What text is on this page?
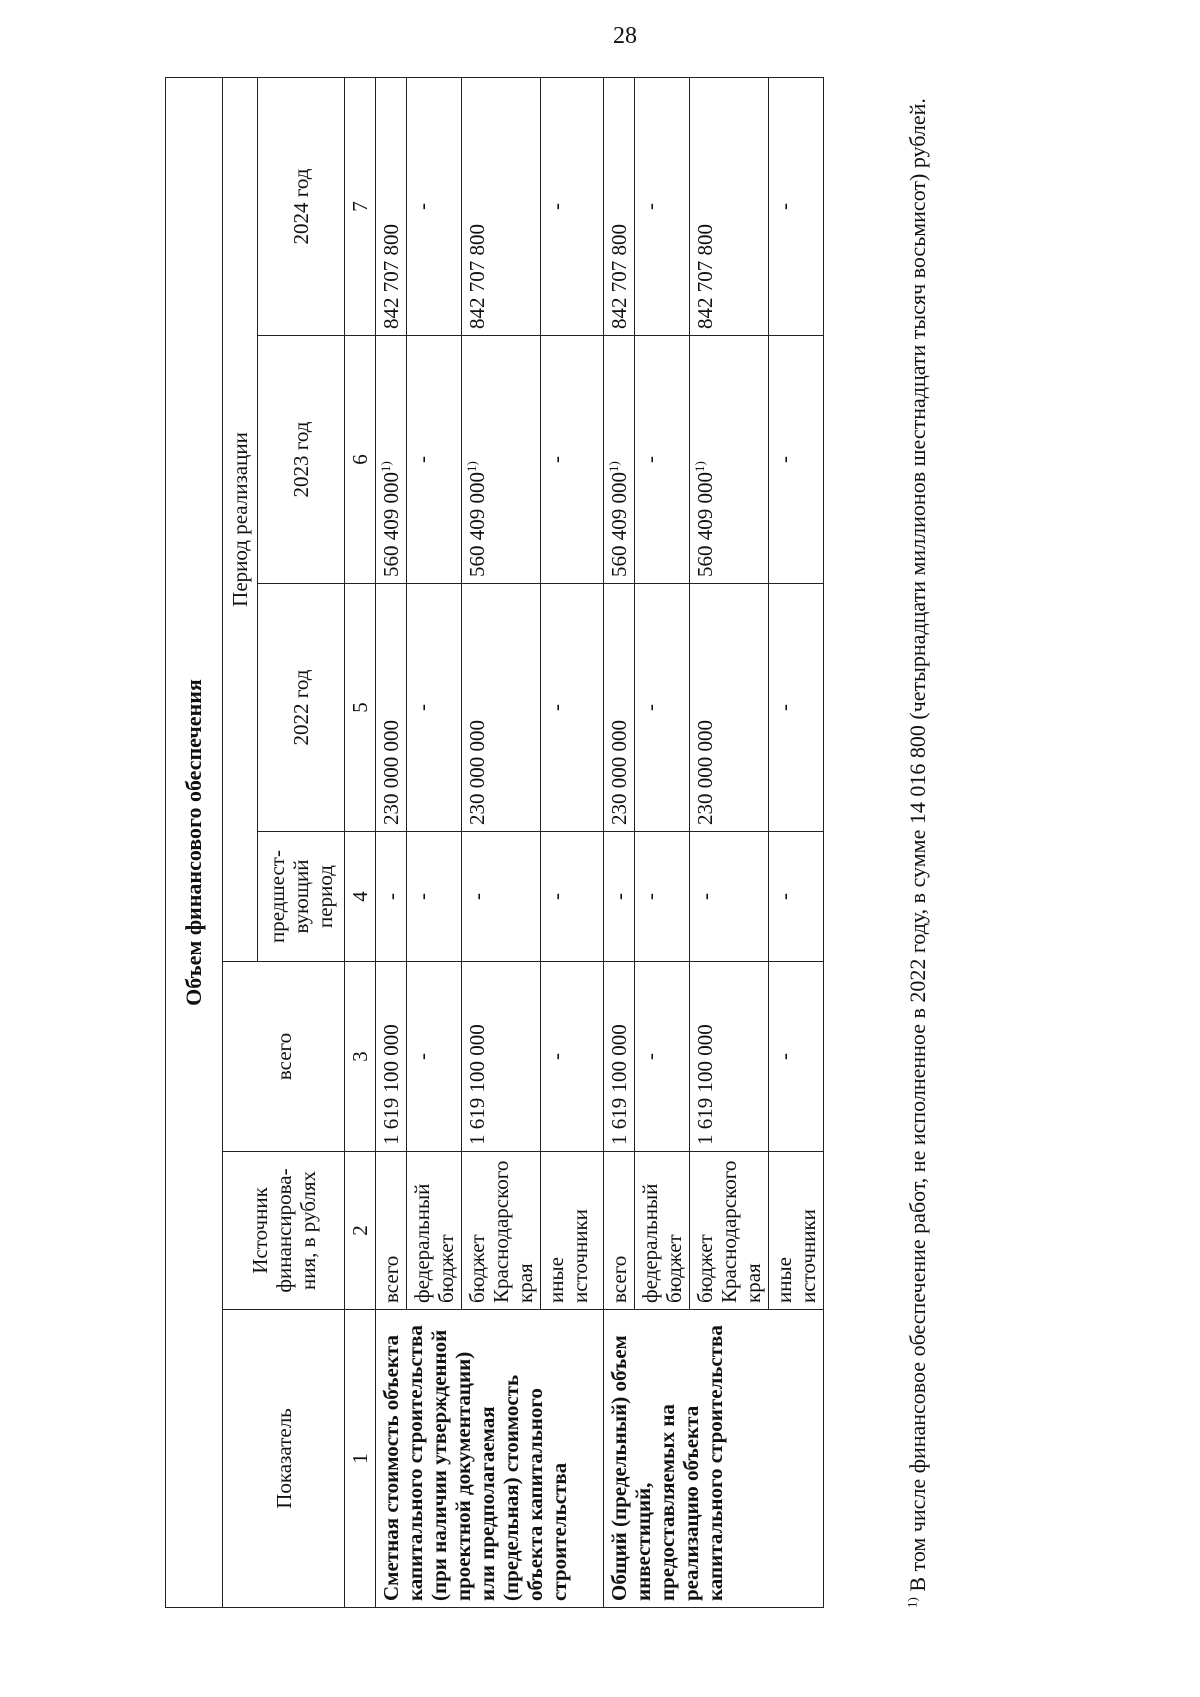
28
Объем финансового обеспечения						
Показатель	Источник финансирова-ния, в рублях	всего	Период реализации			
			предшест-вующий период	2022 год	2023 год	2024 год
1	2	3	4	5	6	7
Сметная стоимость объекта капитального строительства (при наличии утвержденной проектной документации) или предполагаемая (предельная) стоимость объекта капитального строительства	всего	1 619 100 000	-	230 000 000	560 409 000$^{1)}$	842 707 800
	федеральный бюджет	-	-	-	-	-
	бюджет Краснодарского края	1 619 100 000	-	230 000 000	560 409 000$^{1)}$	842 707 800
	иные источники	-	-	-	-	-
Общий (предельный) объем инвестиций, предоставляемых на реализацию объекта капитального строительства	всего	1 619 100 000	-	230 000 000	560 409 000$^{1)}$	842 707 800
	федеральный бюджет	-	-	-	-	-
	бюджет Краснодарского края	1 619 100 000	-	230 000 000	560 409 000$^{1)}$	842 707 800
	иные источники	-	-	-	-	-
$^{1)}$ В том числе финансовое обеспечение работ, не исполненное в 2022 году, в сумме 14 016 800 (четырнадцати миллионов шестнадцати тысяч восьмисот) рублей.
